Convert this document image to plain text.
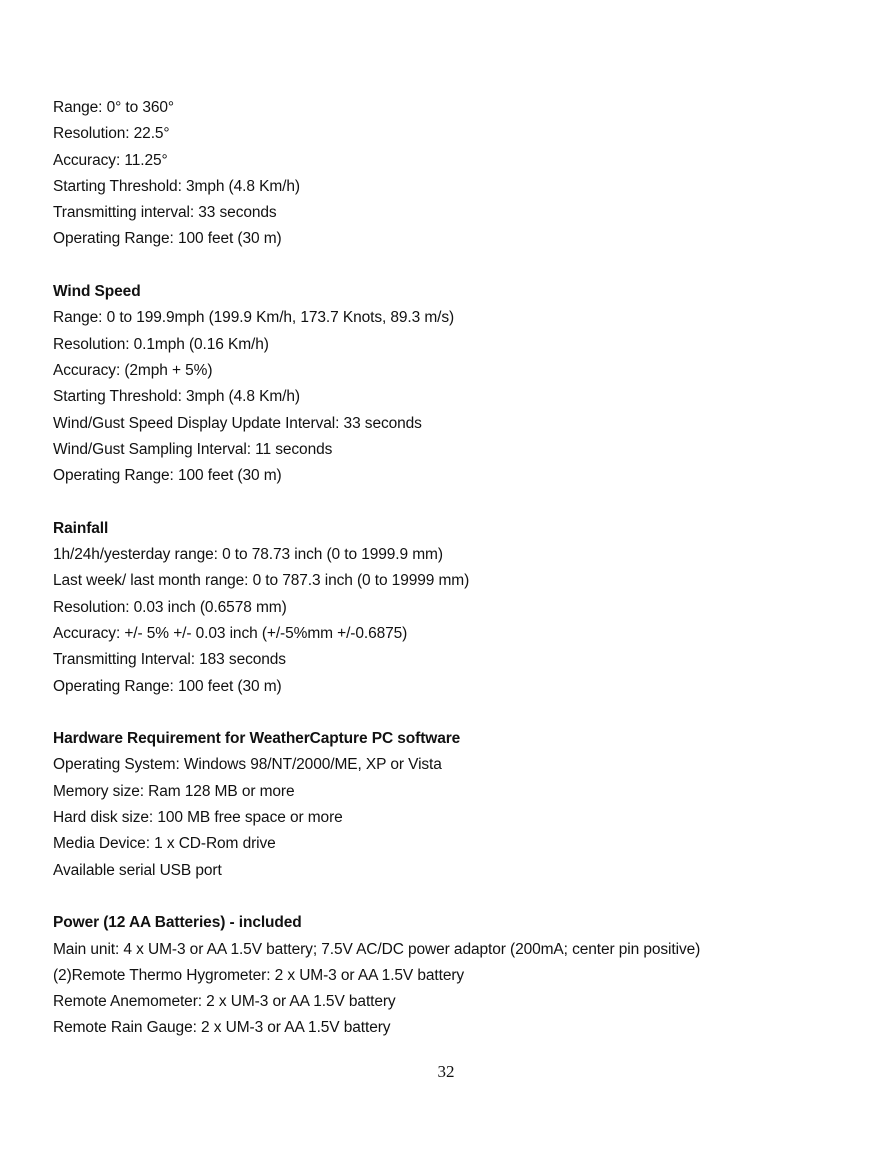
Range: 0° to 360°
Resolution: 22.5°
Accuracy: 11.25°
Starting Threshold: 3mph (4.8 Km/h)
Transmitting interval: 33 seconds
Operating Range: 100 feet (30 m)
Wind Speed
Range: 0 to 199.9mph (199.9 Km/h, 173.7 Knots, 89.3 m/s)
Resolution: 0.1mph (0.16 Km/h)
Accuracy: (2mph + 5%)
Starting Threshold: 3mph (4.8 Km/h)
Wind/Gust Speed Display Update Interval: 33 seconds
Wind/Gust Sampling Interval: 11 seconds
Operating Range: 100 feet (30 m)
Rainfall
1h/24h/yesterday range: 0 to 78.73 inch (0 to 1999.9 mm)
Last week/ last month range: 0 to 787.3 inch (0 to 19999 mm)
Resolution: 0.03 inch (0.6578 mm)
Accuracy: +/- 5% +/- 0.03 inch (+/-5%mm +/-0.6875)
Transmitting Interval: 183 seconds
Operating Range: 100 feet (30 m)
Hardware Requirement for WeatherCapture PC software
Operating System: Windows 98/NT/2000/ME, XP or Vista
Memory size: Ram 128 MB or more
Hard disk size: 100 MB free space or more
Media Device: 1 x CD-Rom drive
Available serial USB port
Power (12 AA Batteries) - included
Main unit: 4 x UM-3 or AA 1.5V battery; 7.5V AC/DC power adaptor (200mA; center pin positive)
(2)Remote Thermo Hygrometer: 2 x UM-3 or AA 1.5V battery
Remote Anemometer: 2 x UM-3 or AA 1.5V battery
Remote Rain Gauge: 2 x UM-3 or AA 1.5V battery
32
